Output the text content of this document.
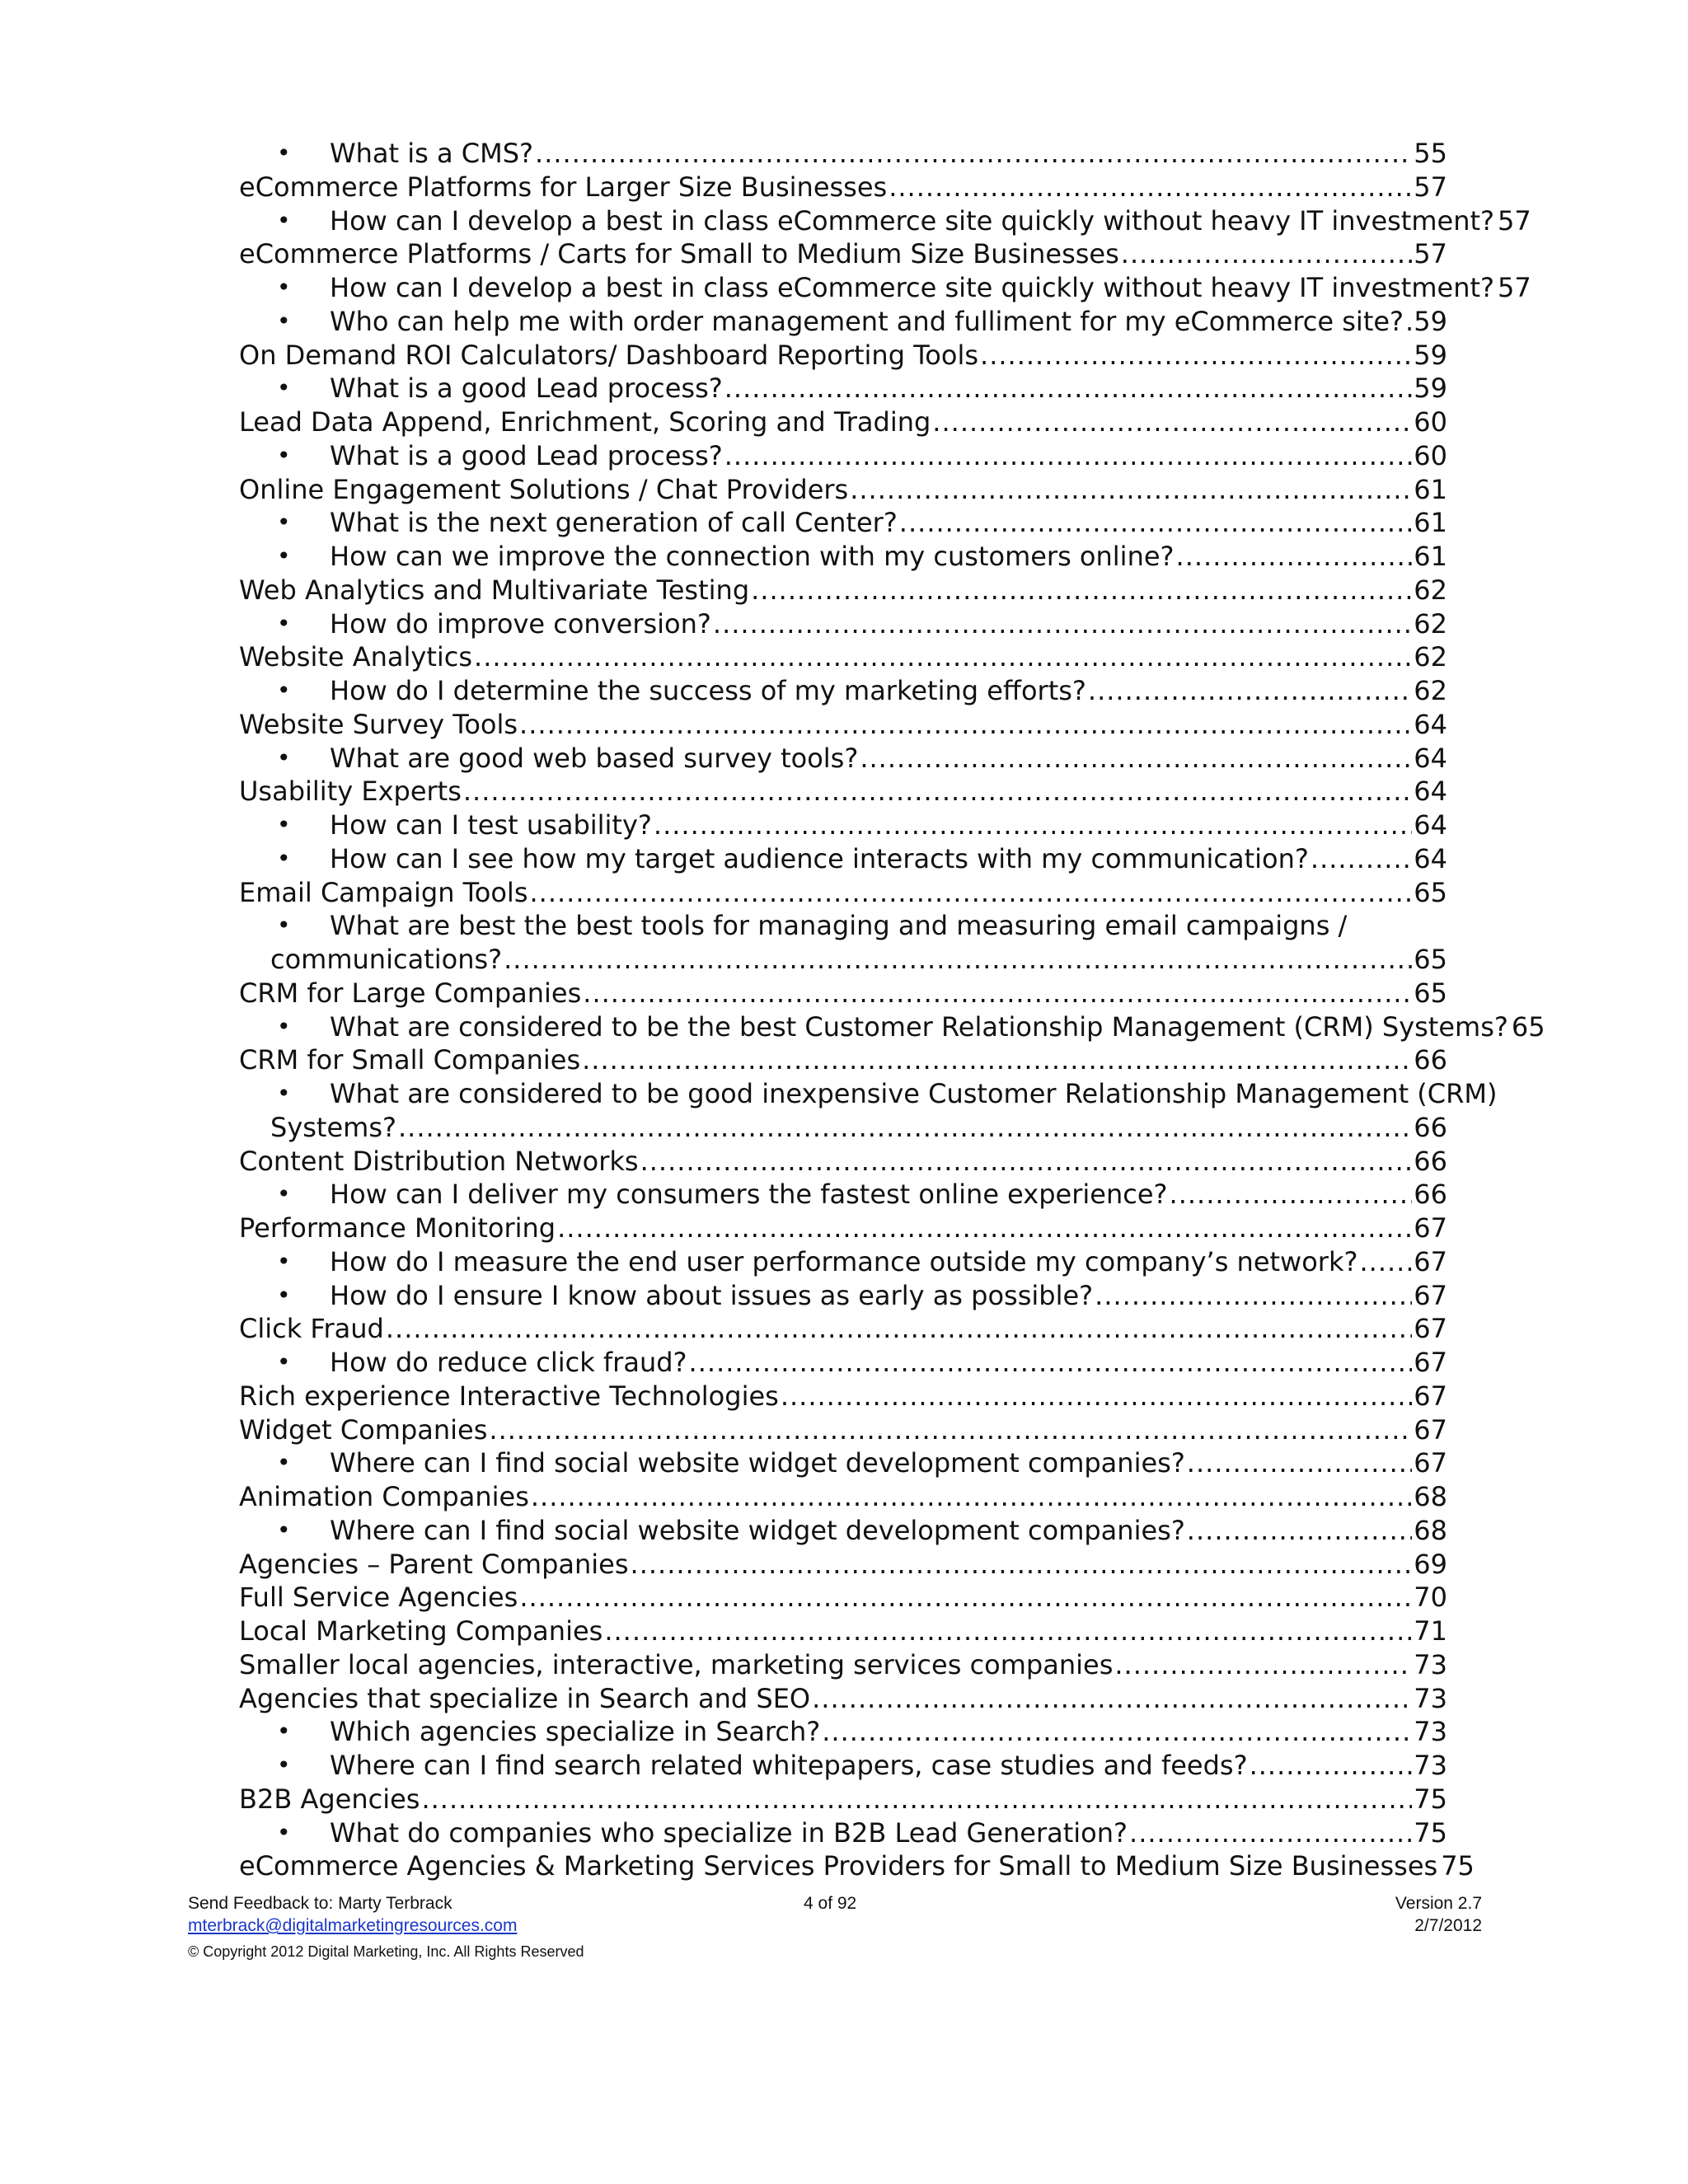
• What is a CMS? .....	55
eCommerce Platforms for Larger Size Businesses .....	57
• How can I develop a best in class eCommerce site quickly without heavy IT investment? 57
eCommerce Platforms / Carts for Small to Medium Size Businesses .....	57
• How can I develop a best in class eCommerce site quickly without heavy IT investment? 57
• Who can help me with order management and fulliment for my eCommerce site? ..... 59
On Demand ROI Calculators/ Dashboard Reporting Tools .....	59
• What is a good Lead process? .....	59
Lead Data Append, Enrichment, Scoring and Trading .....	60
• What is a good Lead process? .....	60
Online Engagement Solutions / Chat Providers .....	61
• What is the next generation of call Center? .....	61
• How can we improve the connection with my customers online? .....	61
Web Analytics and Multivariate Testing .....	62
• How do improve conversion? .....	62
Website Analytics .....	62
• How do I determine the success of my marketing efforts? .....	62
Website Survey Tools .....	64
• What are good web based survey tools? .....	64
Usability Experts .....	64
• How can I test usability? .....	64
• How can I see how my target audience interacts with my communication? .....	64
Email Campaign Tools .....	65
• What are best the best tools for managing and measuring email campaigns /
communications? .....	65
CRM for Large Companies .....	65
• What are considered to be the best Customer Relationship Management (CRM) Systems? 65
CRM for Small Companies .....	66
• What are considered to be good inexpensive Customer Relationship Management (CRM)
Systems? .....	66
Content Distribution Networks .....	66
• How can I deliver my consumers the fastest online experience? .....	66
Performance Monitoring .....	67
• How do I measure the end user performance outside my company’s network? ..... 67
• How do I ensure I know about issues as early as possible? .....	67
Click Fraud .....	67
• How do reduce click fraud? .....	67
Rich experience Interactive Technologies .....	67
Widget Companies .....	67
• Where can I find social website widget development companies? .....	67
Animation Companies .....	68
• Where can I find social website widget development companies? .....	68
Agencies – Parent Companies .....	69
Full Service Agencies .....	70
Local Marketing Companies .....	71
Smaller local agencies, interactive, marketing services companies .....	73
Agencies that specialize in Search and SEO .....	73
• Which agencies specialize in Search? .....	73
• Where can I find search related whitepapers, case studies and feeds? .....	73
B2B Agencies .....	75
• What do companies who specialize in B2B Lead Generation? .....	75
eCommerce Agencies & Marketing Services Providers for Small to Medium Size Businesses 75
Send Feedback to: Marty Terbrack
mterbrack@digitalmarketingresources.com
© Copyright 2012 Digital Marketing, Inc. All Rights Reserved
4 of 92	Version 2.7
2/7/2012
